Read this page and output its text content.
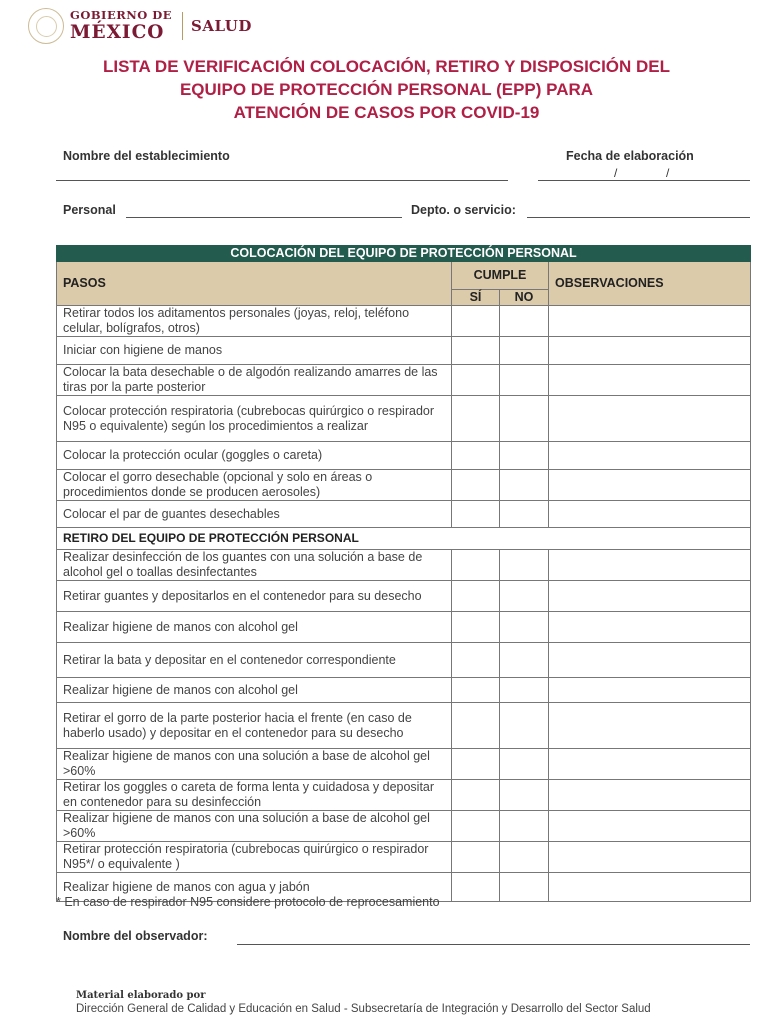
GOBIERNO DE
MÉXICO	SALUD
LISTA DE VERIFICACIÓN COLOCACIÓN, RETIRO Y DISPOSICIÓN DEL
EQUIPO DE PROTECCIÓN PERSONAL (EPP) PARA
ATENCIÓN DE CASOS POR COVID-19
Nombre del establecimiento	Fecha de elaboración
/	/
Personal	Depto. o servicio:
COLOCACIÓN DEL EQUIPO DE PROTECCIÓN PERSONAL			
PASOS	CUMPLE		OBSERVACIONES
	SÍ	NO	
Retirar todos los aditamentos personales (joyas, reloj, teléfono celular, bolígrafos, otros)			
Iniciar con higiene de manos			
Colocar la bata desechable o de algodón realizando amarres de las tiras por la parte posterior			
Colocar protección respiratoria (cubrebocas quirúrgico o respirador N95 o equivalente) según los procedimientos a realizar			
Colocar la protección ocular (goggles o careta)			
Colocar el gorro desechable (opcional y solo en áreas o procedimientos donde se producen aerosoles)			
Colocar el par de guantes desechables			
RETIRO DEL EQUIPO DE PROTECCIÓN PERSONAL			
Realizar desinfección de los guantes con una solución a base de alcohol gel o toallas desinfectantes			
Retirar guantes y depositarlos en el contenedor para su desecho			
Realizar higiene de manos con alcohol gel			
Retirar la bata y depositar en el contenedor correspondiente			
Realizar higiene de manos con alcohol gel			
Retirar el gorro de la parte posterior hacia el frente (en caso de haberlo usado) y depositar en el contenedor para su desecho			
Realizar higiene de manos con una solución a base de alcohol gel >60%			
Retirar los goggles o careta de forma lenta y cuidadosa y depositar en contenedor para su desinfección			
Realizar higiene de manos con una solución a base de alcohol gel >60%			
Retirar protección respiratoria (cubrebocas quirúrgico o respirador N95*/ o equivalente )			
Realizar higiene de manos con agua y jabón			
* En caso de respirador N95 considere protocolo de reprocesamiento
Nombre del observador:
Material elaborado por
Dirección General de Calidad y Educación en Salud - Subsecretaría de Integración y Desarrollo del Sector Salud
